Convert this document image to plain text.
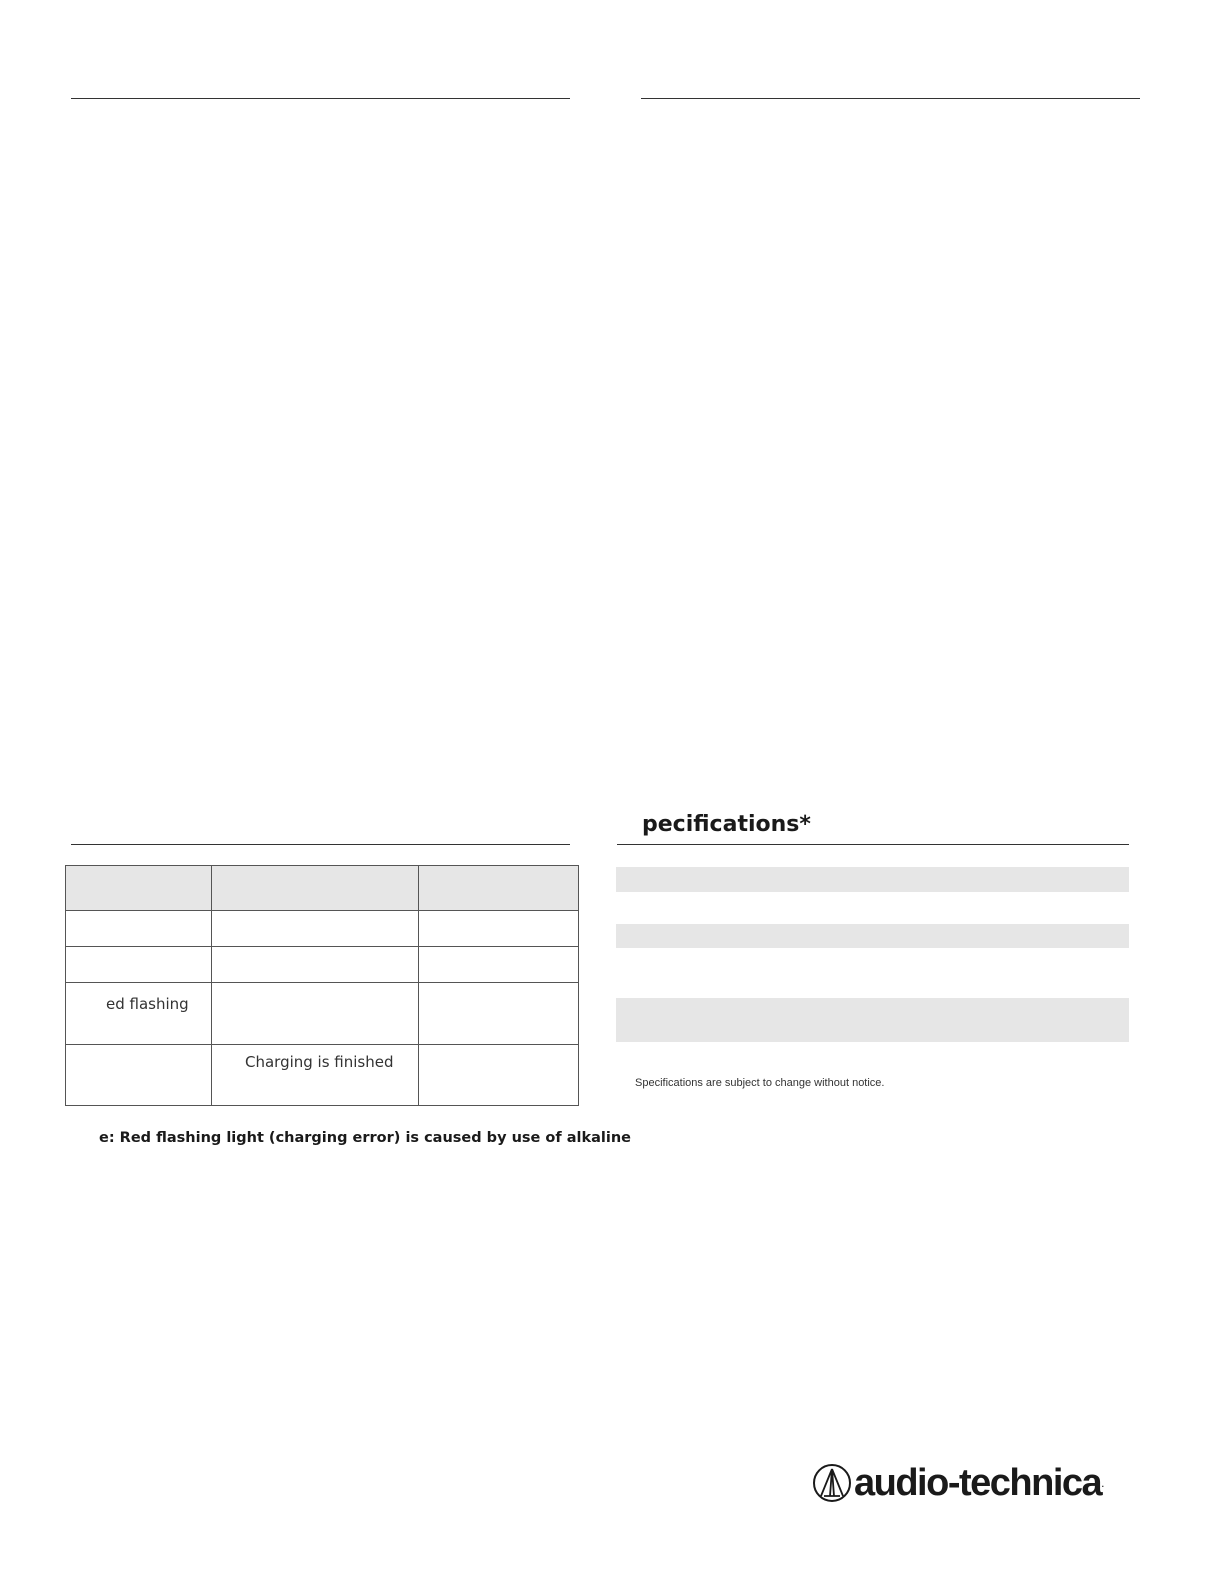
pecifications*

ed flashing		

	Charging is finished	

e: Red flashing light (charging error) is caused by use of alkaline
Specifications are subject to change without notice.
audio-technica .
